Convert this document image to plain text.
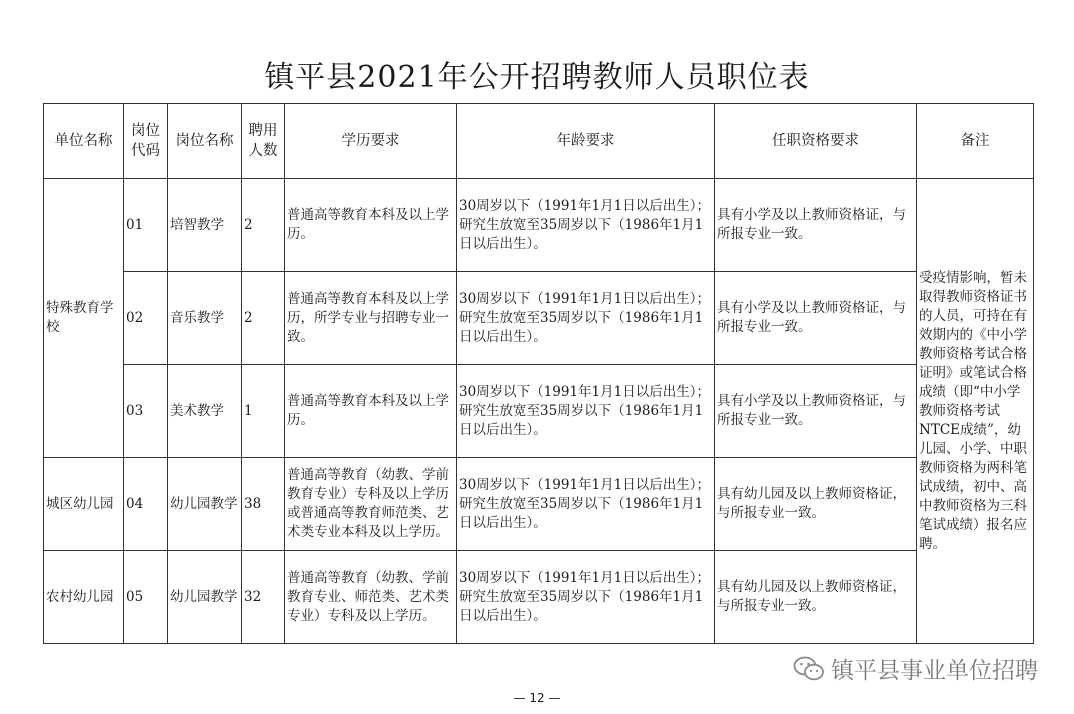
镇平县2021年公开招聘教师人员职位表
单位名称	岗位代码	岗位名称	聘用人数	学历要求	年龄要求	任职资格要求	备注
特殊教育学校	01	培智教学	2	普通高等教育本科及以上学历。	30周岁以下（1991年1月1日以后出生）；研究生放宽至35周岁以下（1986年1月1日以后出生）。	具有小学及以上教师资格证，与所报专业一致。	受疫情影响，暂未取得教师资格证书的人员，可持在有效期内的《中小学教师资格考试合格证明》或笔试合格成绩（即“中小学教师资格考试NTCE成绩”，幼儿园、小学、中职教师资格为两科笔试成绩，初中、高中教师资格为三科笔试成绩）报名应聘。
	02	音乐教学	2	普通高等教育本科及以上学历，所学专业与招聘专业一致。	30周岁以下（1991年1月1日以后出生）；研究生放宽至35周岁以下（1986年1月1日以后出生）。	具有小学及以上教师资格证，与所报专业一致。	
	03	美术教学	1	普通高等教育本科及以上学历。	30周岁以下（1991年1月1日以后出生）；研究生放宽至35周岁以下（1986年1月1日以后出生）。	具有小学及以上教师资格证，与所报专业一致。	
城区幼儿园	04	幼儿园教学	38	普通高等教育（幼教、学前教育专业）专科及以上学历或普通高等教育师范类、艺术类专业本科及以上学历。	30周岁以下（1991年1月1日以后出生）；研究生放宽至35周岁以下（1986年1月1日以后出生）。	具有幼儿园及以上教师资格证，与所报专业一致。	
农村幼儿园	05	幼儿园教学	32	普通高等教育（幼教、学前教育专业、师范类、艺术类专业）专科及以上学历。	30周岁以下（1991年1月1日以后出生）；研究生放宽至35周岁以下（1986年1月1日以后出生）。	具有幼儿园及以上教师资格证，与所报专业一致。	
镇平县事业单位招聘
— 12 —
